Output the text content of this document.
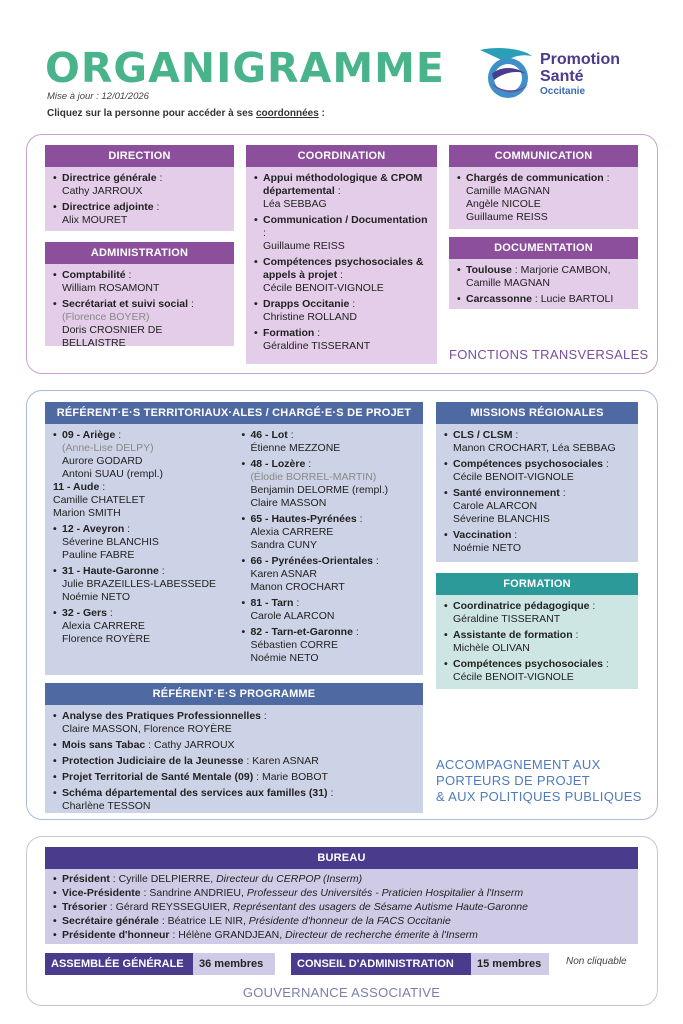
ORGANIGRAMME
Mise à jour : 12/01/2026
Cliquez sur la personne pour accéder à ses coordonnées :
Promotion
Santé
Occitanie
DIRECTION
• Directrice générale :
Cathy JARROUX
• Directrice adjointe :
Alix MOURET
ADMINISTRATION
• Comptabilité :
William ROSAMONT
• Secrétariat et suivi social :
(Florence BOYER)
Doris CROSNIER DE BELLAISTRE
COORDINATION
• Appui méthodologique & CPOM départemental :
Léa SEBBAG
• Communication / Documentation :
Guillaume REISS
• Compétences psychosociales & appels à projet :
Cécile BENOIT-VIGNOLE
• Drapps Occitanie :
Christine ROLLAND
• Formation :
Géraldine TISSERANT
COMMUNICATION
• Chargés de communication :
Camille MAGNAN
Angèle NICOLE
Guillaume REISS
DOCUMENTATION
• Toulouse : Marjorie CAMBON,
Camille MAGNAN
• Carcassonne : Lucie BARTOLI
FONCTIONS TRANSVERSALES
RÉFÉRENT·E·S TERRITORIAUX·ALES / CHARGÉ·E·S DE PROJET
• 09 - Ariège :
(Anne-Lise DELPY)
Aurore GODARD
Antoni SUAU (rempl.)
11 - Aude :
Camille CHATELET
Marion SMITH
• 12 - Aveyron :
Séverine BLANCHIS
Pauline FABRE
• 31 - Haute-Garonne :
Julie BRAZEILLES-LABESSEDE
Noémie NETO
• 32 - Gers :
Alexia CARRERE
Florence ROYÈRE
• 46 - Lot :
Étienne MEZZONE
• 48 - Lozère :
(Élodie BORREL-MARTIN)
Benjamin DELORME (rempl.)
Claire MASSON
• 65 - Hautes-Pyrénées :
Alexia CARRERE
Sandra CUNY
• 66 - Pyrénées-Orientales :
Karen ASNAR
Manon CROCHART
• 81 - Tarn :
Carole ALARCON
• 82 - Tarn-et-Garonne :
Sébastien CORRE
Noémie NETO
RÉFÉRENT·E·S PROGRAMME
• Analyse des Pratiques Professionnelles :
Claire MASSON, Florence ROYÈRE
• Mois sans Tabac : Cathy JARROUX
• Protection Judiciaire de la Jeunesse : Karen ASNAR
• Projet Territorial de Santé Mentale (09) : Marie BOBOT
• Schéma départemental des services aux familles (31) :
Charlène TESSON
MISSIONS RÉGIONALES
• CLS / CLSM :
Manon CROCHART, Léa SEBBAG
• Compétences psychosociales :
Cécile BENOIT-VIGNOLE
• Santé environnement :
Carole ALARCON
Séverine BLANCHIS
• Vaccination :
Noémie NETO
FORMATION
• Coordinatrice pédagogique :
Géraldine TISSERANT
• Assistante de formation :
Michèle OLIVAN
• Compétences psychosociales :
Cécile BENOIT-VIGNOLE
ACCOMPAGNEMENT AUX
PORTEURS DE PROJET
& AUX POLITIQUES PUBLIQUES
BUREAU
• Président : Cyrille DELPIERRE, Directeur du CERPOP (Inserm)
• Vice-Présidente : Sandrine ANDRIEU, Professeur des Universités - Praticien Hospitalier à l'Inserm
• Trésorier : Gérard REYSSEGUIER, Représentant des usagers de Sésame Autisme Haute-Garonne
• Secrétaire générale : Béatrice LE NIR, Présidente d'honneur de la FACS Occitanie
• Présidente d'honneur : Hélène GRANDJEAN, Directeur de recherche émerite à l'Inserm
ASSEMBLÉE GÉNÉRALE	36 membres	CONSEIL D'ADMINISTRATION	15 membres	Non cliquable
GOUVERNANCE ASSOCIATIVE
